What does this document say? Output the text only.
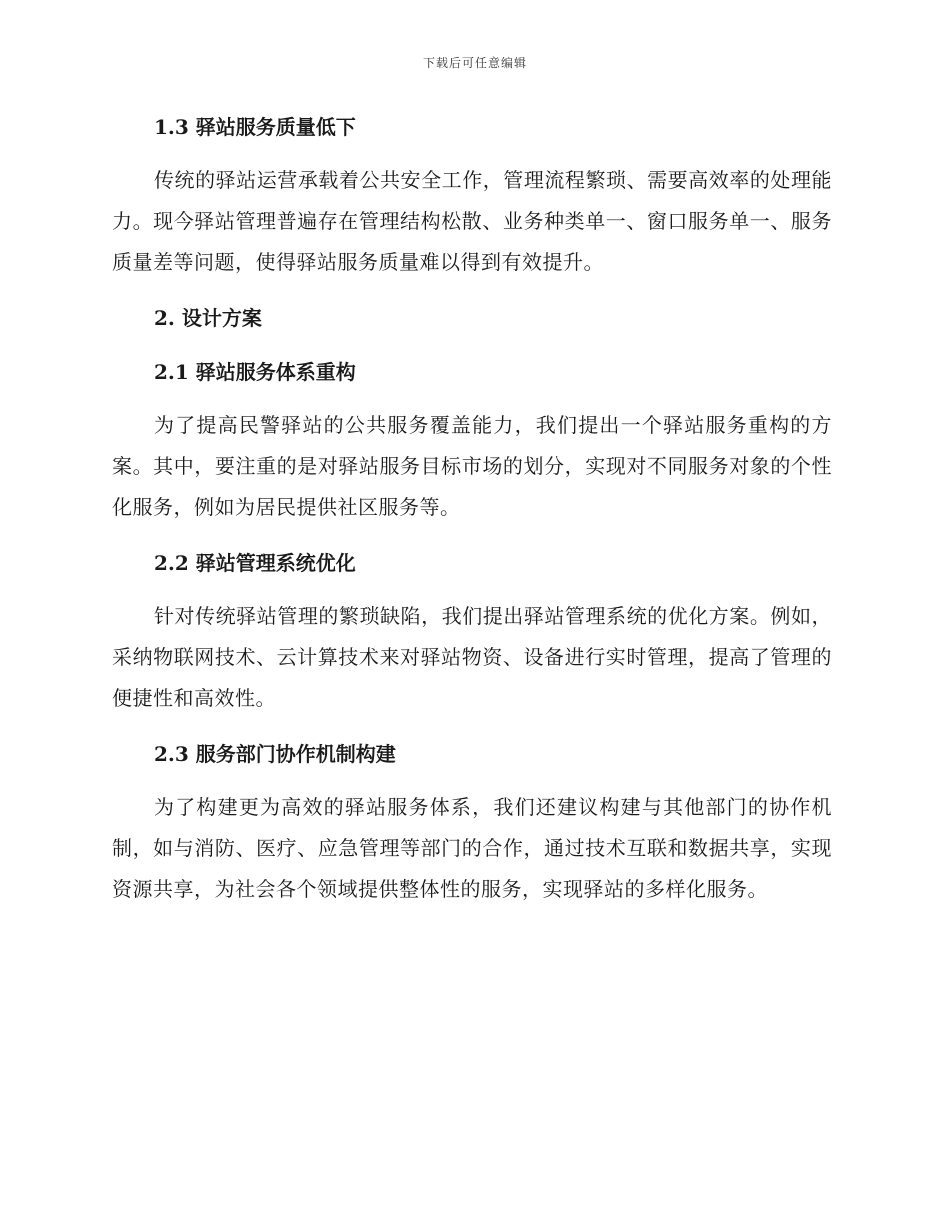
下载后可任意编辑
1.3 驿站服务质量低下

传统的驿站运营承载着公共安全工作，管理流程繁琐、需要高效率的处理能力。现今驿站管理普遍存在管理结构松散、业务种类单一、窗口服务单一、服务质量差等问题，使得驿站服务质量难以得到有效提升。

2. 设计方案
2.1 驿站服务体系重构

为了提高民警驿站的公共服务覆盖能力，我们提出一个驿站服务重构的方案。其中，要注重的是对驿站服务目标市场的划分，实现对不同服务对象的个性化服务，例如为居民提供社区服务等。

2.2 驿站管理系统优化

针对传统驿站管理的繁琐缺陷，我们提出驿站管理系统的优化方案。例如，采纳物联网技术、云计算技术来对驿站物资、设备进行实时管理，提高了管理的便捷性和高效性。

2.3 服务部门协作机制构建

为了构建更为高效的驿站服务体系，我们还建议构建与其他部门的协作机制，如与消防、医疗、应急管理等部门的合作，通过技术互联和数据共享，实现资源共享，为社会各个领域提供整体性的服务，实现驿站的多样化服务。
